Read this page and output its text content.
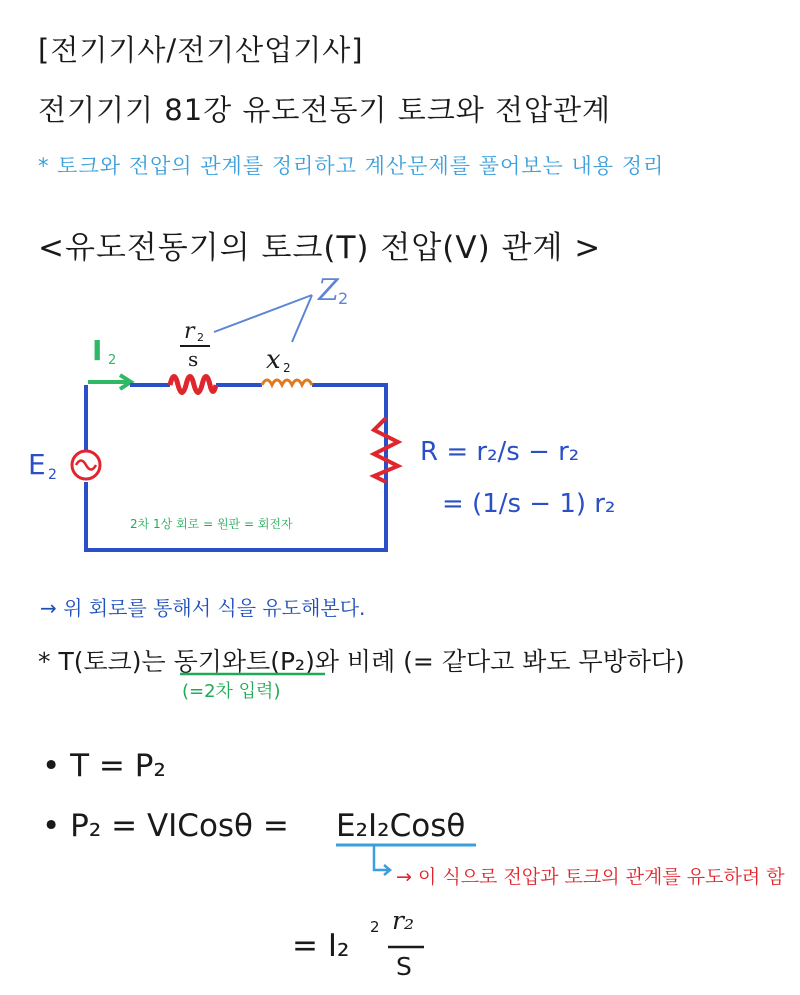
[전기기사/전기산업기사]
전기기기 81강 유도전동기 토크와 전압관계
* 토크와 전압의 관계를 정리하고 계산문제를 풀어보는 내용 정리
<유도전동기의 토크(T) 전압(V) 관계 >
Z 2
r 2
s	x 2
I 2
E 2
2차 1상 회로 = 원판 = 회전자
R = r₂/s − r₂
= (1/s − 1) r₂
→ 위 회로를 통해서 식을 유도해본다.
* T(토크)는 동기와트(P₂)와 비례 (= 같다고 봐도 무방하다)
(=2차 입력)
• T = P₂
• P₂ = VICosθ = E₂I₂Cosθ
→ 이 식으로 전압과 토크의 관계를 유도하려 함
= I₂
2 r₂
S
